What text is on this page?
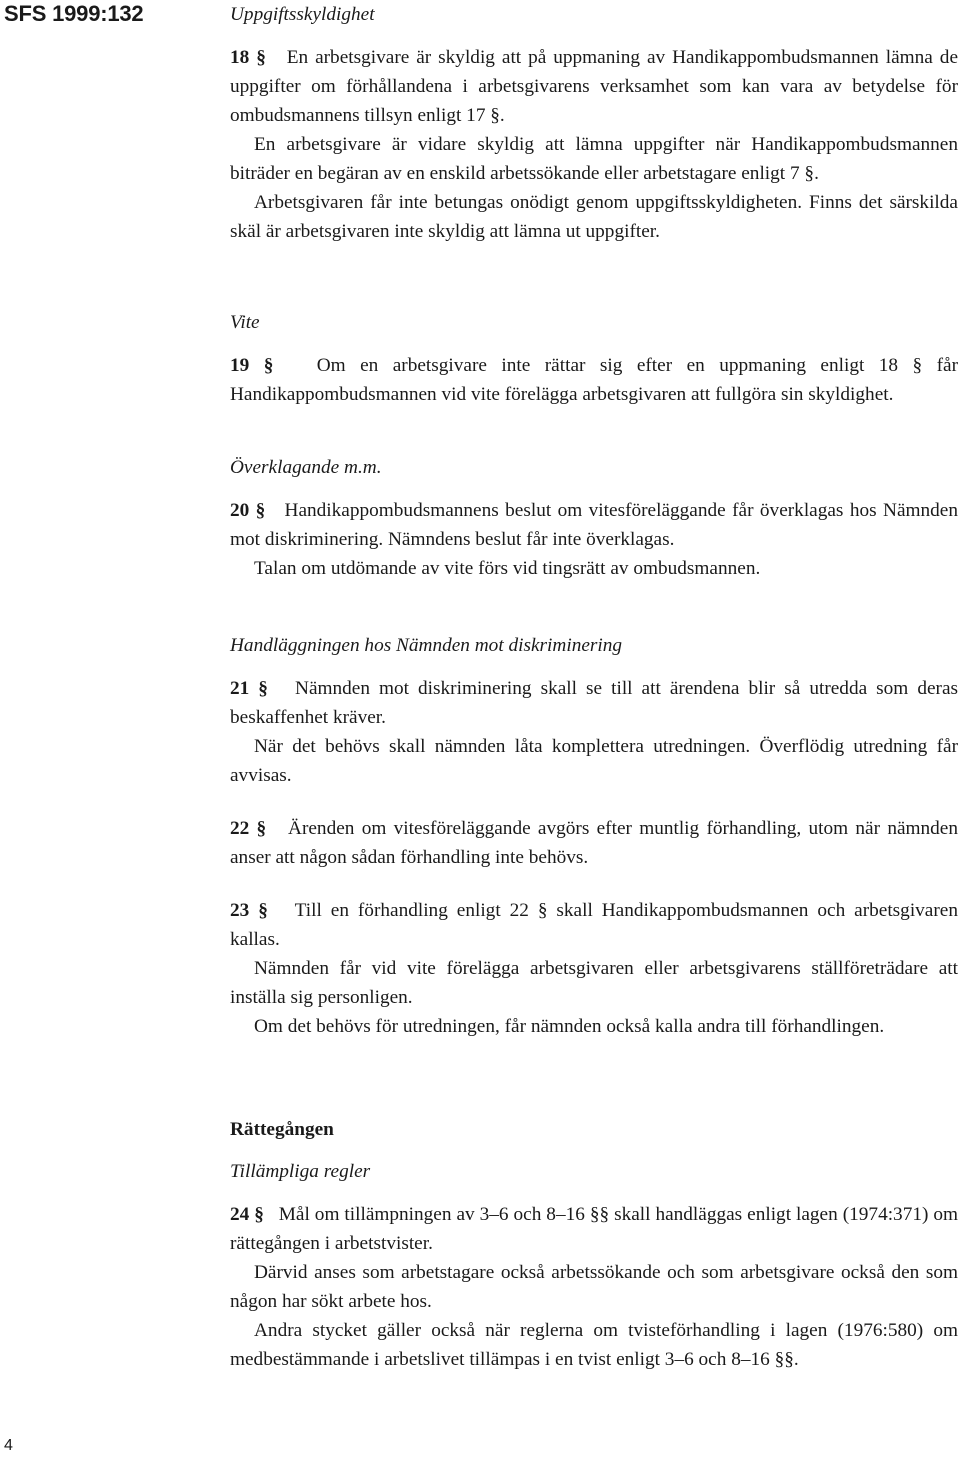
SFS 1999:132	Uppgiftsskyldighet

18 § En arbetsgivare är skyldig att på uppmaning av Handikappombudsmannen lämna de uppgifter om förhållandena i arbetsgivarens verksamhet som kan vara av betydelse för ombudsmannens tillsyn enligt 17 §.

En arbetsgivare är vidare skyldig att lämna uppgifter när Handikappombudsmannen biträder en begäran av en enskild arbetssökande eller arbetstagare enligt 7 §.

Arbetsgivaren får inte betungas onödigt genom uppgiftsskyldigheten. Finns det särskilda skäl är arbetsgivaren inte skyldig att lämna ut uppgifter.

Vite

19 § Om en arbetsgivare inte rättar sig efter en uppmaning enligt 18 § får Handikappombudsmannen vid vite förelägga arbetsgivaren att fullgöra sin skyldighet.

Överklagande m.m.

20 § Handikappombudsmannens beslut om vitesföreläggande får överklagas hos Nämnden mot diskriminering. Nämndens beslut får inte överklagas.

Talan om utdömande av vite förs vid tingsrätt av ombudsmannen.

Handläggningen hos Nämnden mot diskriminering

21 § Nämnden mot diskriminering skall se till att ärendena blir så utredda som deras beskaffenhet kräver.

När det behövs skall nämnden låta komplettera utredningen. Överflödig utredning får avvisas.

22 § Ärenden om vitesföreläggande avgörs efter muntlig förhandling, utom när nämnden anser att någon sådan förhandling inte behövs.

23 § Till en förhandling enligt 22 § skall Handikappombudsmannen och arbetsgivaren kallas.

Nämnden får vid vite förelägga arbetsgivaren eller arbetsgivarens ställföreträdare att inställa sig personligen.

Om det behövs för utredningen, får nämnden också kalla andra till förhandlingen.

Rättegången
Tillämpliga regler

24 § Mål om tillämpningen av 3–6 och 8–16 §§ skall handläggas enligt lagen (1974:371) om rättegången i arbetstvister.

Därvid anses som arbetstagare också arbetssökande och som arbetsgivare också den som någon har sökt arbete hos.

Andra stycket gäller också när reglerna om tvisteförhandling i lagen (1976:580) om medbestämmande i arbetslivet tillämpas i en tvist enligt 3–6 och 8–16 §§.

4
